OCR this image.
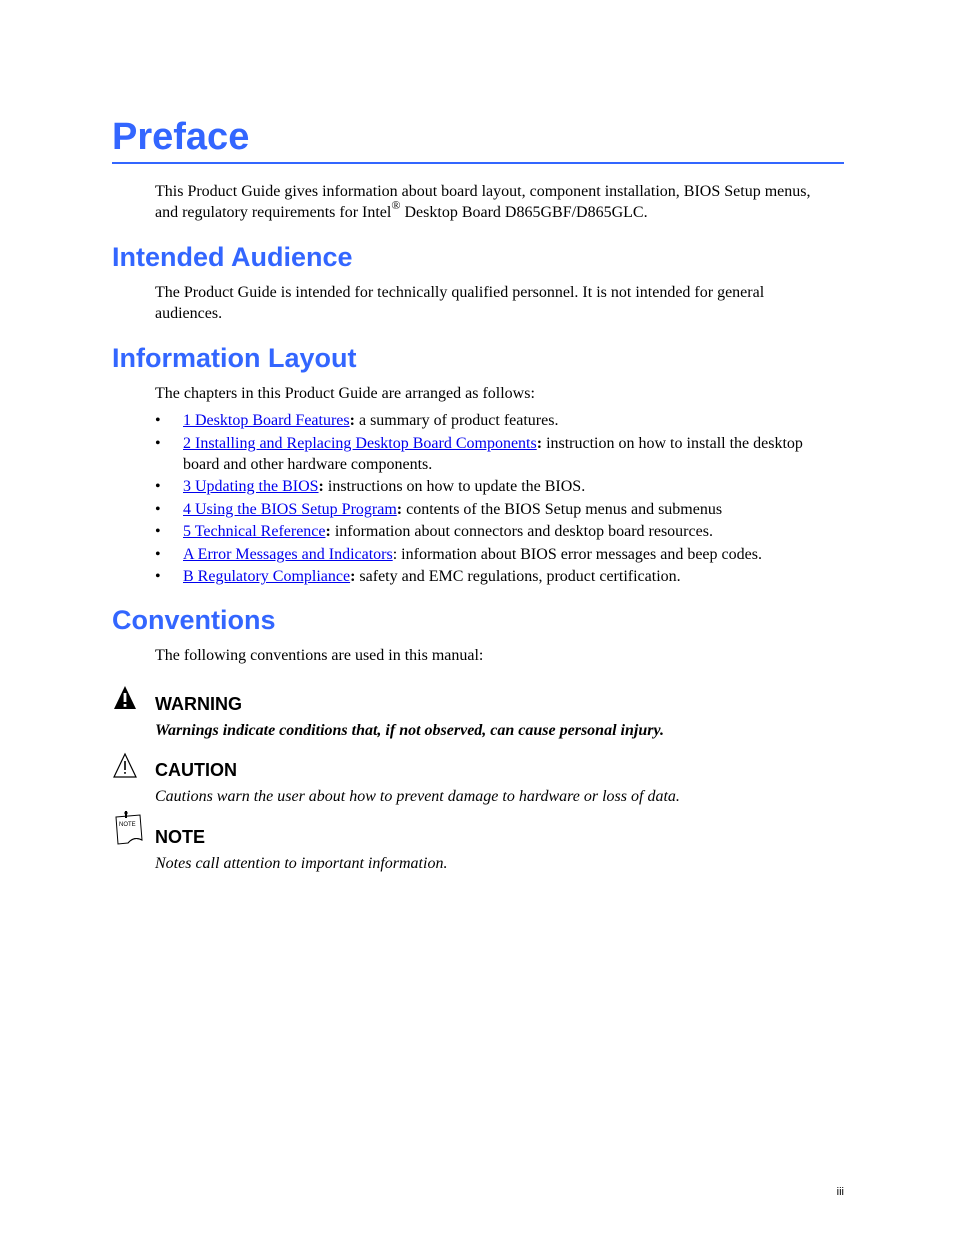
Preface

This Product Guide gives information about board layout, component installation, BIOS Setup menus, and regulatory requirements for Intel® Desktop Board D865GBF/D865GLC.

Intended Audience

The Product Guide is intended for technically qualified personnel. It is not intended for general audiences.

Information Layout

The chapters in this Product Guide are arranged as follows:

•	1 Desktop Board Features: a summary of product features.
•	2 Installing and Replacing Desktop Board Components: instruction on how to install the desktop board and other hardware components.
•	3 Updating the BIOS: instructions on how to update the BIOS.
•	4 Using the BIOS Setup Program: contents of the BIOS Setup menus and submenus
•	5 Technical Reference: information about connectors and desktop board resources.
•	A Error Messages and Indicators: information about BIOS error messages and beep codes.
•	B Regulatory Compliance: safety and EMC regulations, product certification.
Conventions

The following conventions are used in this manual:

WARNING

Warnings indicate conditions that, if not observed, can cause personal injury.

CAUTION

Cautions warn the user about how to prevent damage to hardware or loss of data.

NOTE
NOTE

Notes call attention to important information.

iii
